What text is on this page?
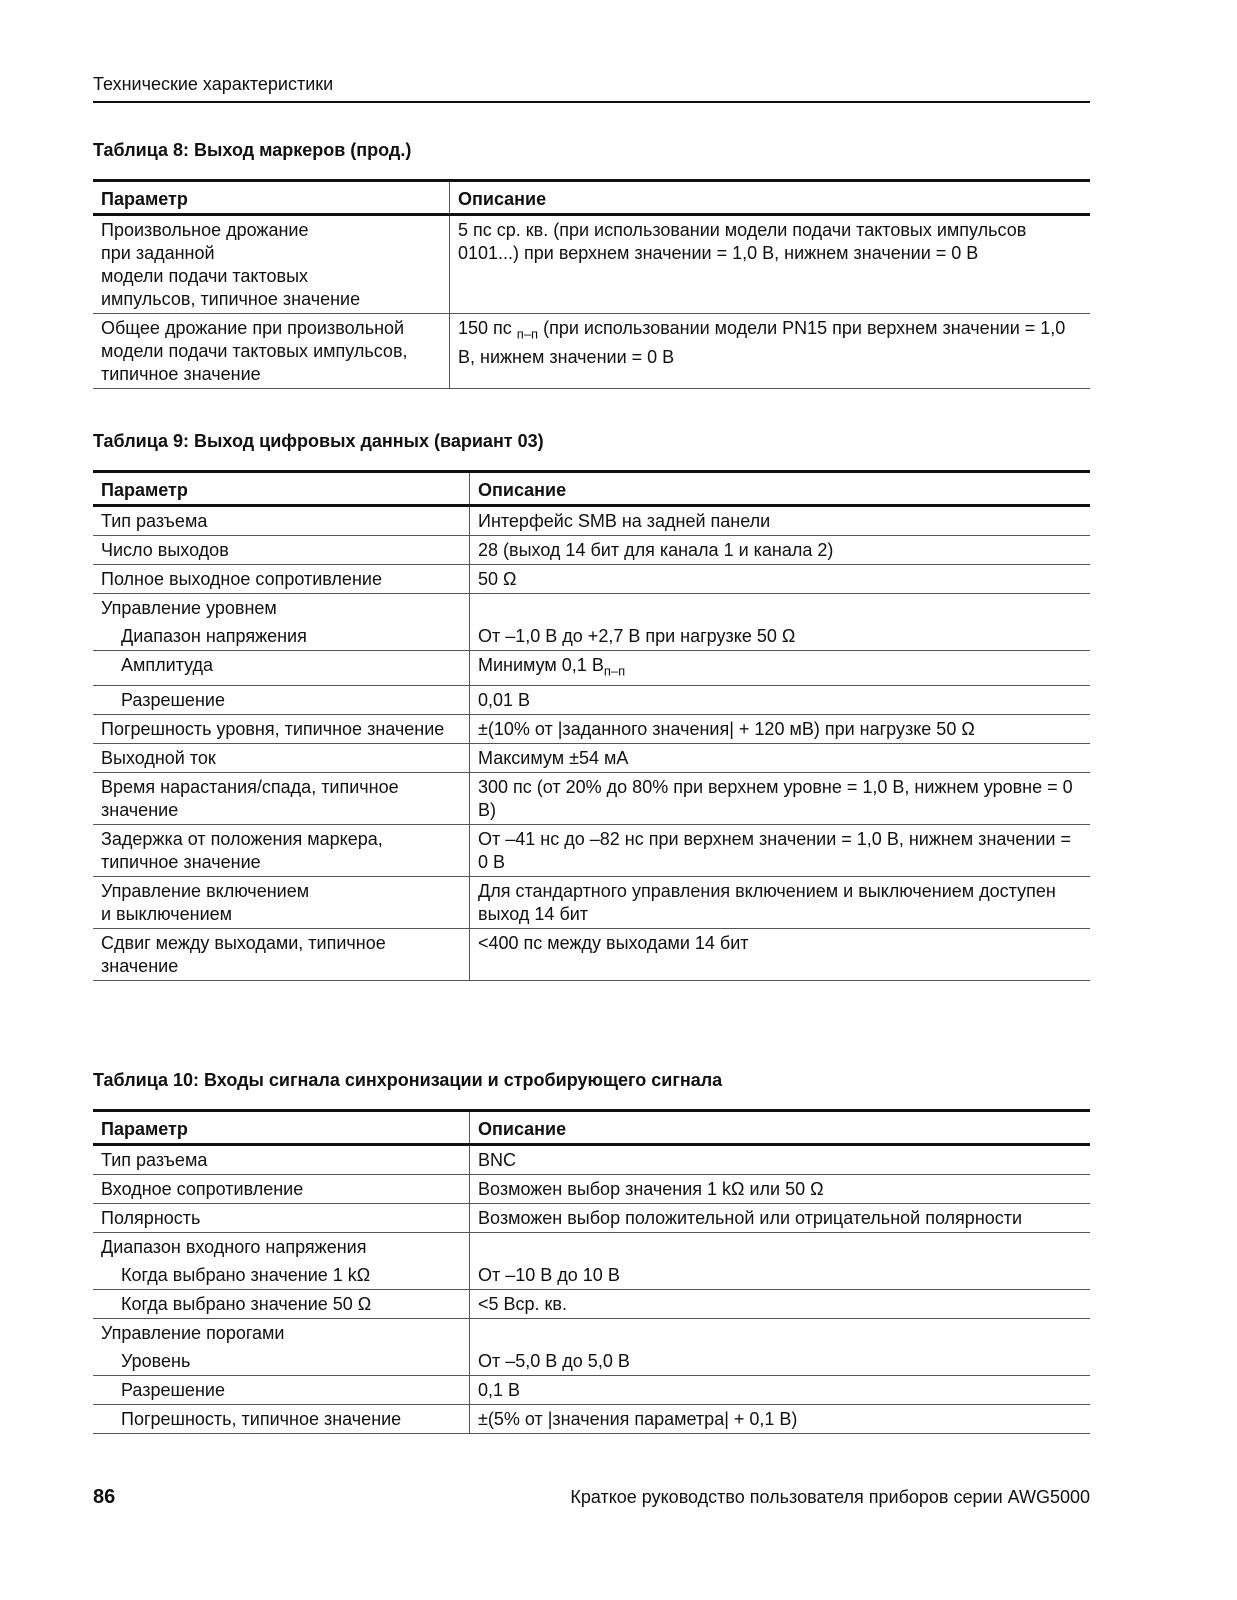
Технические характеристики
Таблица 8: Выход маркеров (прод.)
Параметр	Описание
Произвольное дрожание
при заданной
модели подачи тактовых
импульсов, типичное значение	5 пс ср. кв. (при использовании модели подачи тактовых импульсов 0101...) при верхнем значении = 1,0 В, нижнем значении = 0 В
Общее дрожание при произвольной модели подачи тактовых импульсов, типичное значение	150 пс $_{п-п}$ (при использовании модели PN15 при верхнем значении = 1,0 В, нижнем значении = 0 В
Таблица 9: Выход цифровых данных (вариант 03)
Параметр	Описание
Тип разъема	Интерфейс SMB на задней панели
Число выходов	28 (выход 14 бит для канала 1 и канала 2)
Полное выходное сопротивление	50 Ω
Управление уровнем	
Диапазон напряжения	От –1,0 В до +2,7 В при нагрузке 50 Ω
Амплитуда	Минимум 0,1 $В_{п-п}$
Разрешение	0,01 В
Погрешность уровня, типичное значение	±(10% от |заданного значения| + 120 мВ) при нагрузке 50 Ω
Выходной ток	Максимум ±54 мА
Время нарастания/спада, типичное значение	300 пс (от 20% до 80% при верхнем уровне = 1,0 В, нижнем уровне = 0 В)
Задержка от положения маркера, типичное значение	От –41 нс до –82 нс при верхнем значении = 1,0 В, нижнем значении = 0 В
Управление включением
и выключением	Для стандартного управления включением и выключением доступен выход 14 бит
Сдвиг между выходами, типичное значение	<400 пс между выходами 14 бит
Таблица 10: Входы сигнала синхронизации и стробирующего сигнала
Параметр	Описание
Тип разъема	BNC
Входное сопротивление	Возможен выбор значения 1 kΩ или 50 Ω
Полярность	Возможен выбор положительной или отрицательной полярности
Диапазон входного напряжения	
Когда выбрано значение 1 kΩ	От –10 В до 10 В
Когда выбрано значение 50 Ω	<5 Вср. кв.
Управление порогами	
Уровень	От –5,0 В до 5,0 В
Разрешение	0,1 В
Погрешность, типичное значение	±(5% от |значения параметра| + 0,1 В)
86	Краткое руководство пользователя приборов серии AWG5000
